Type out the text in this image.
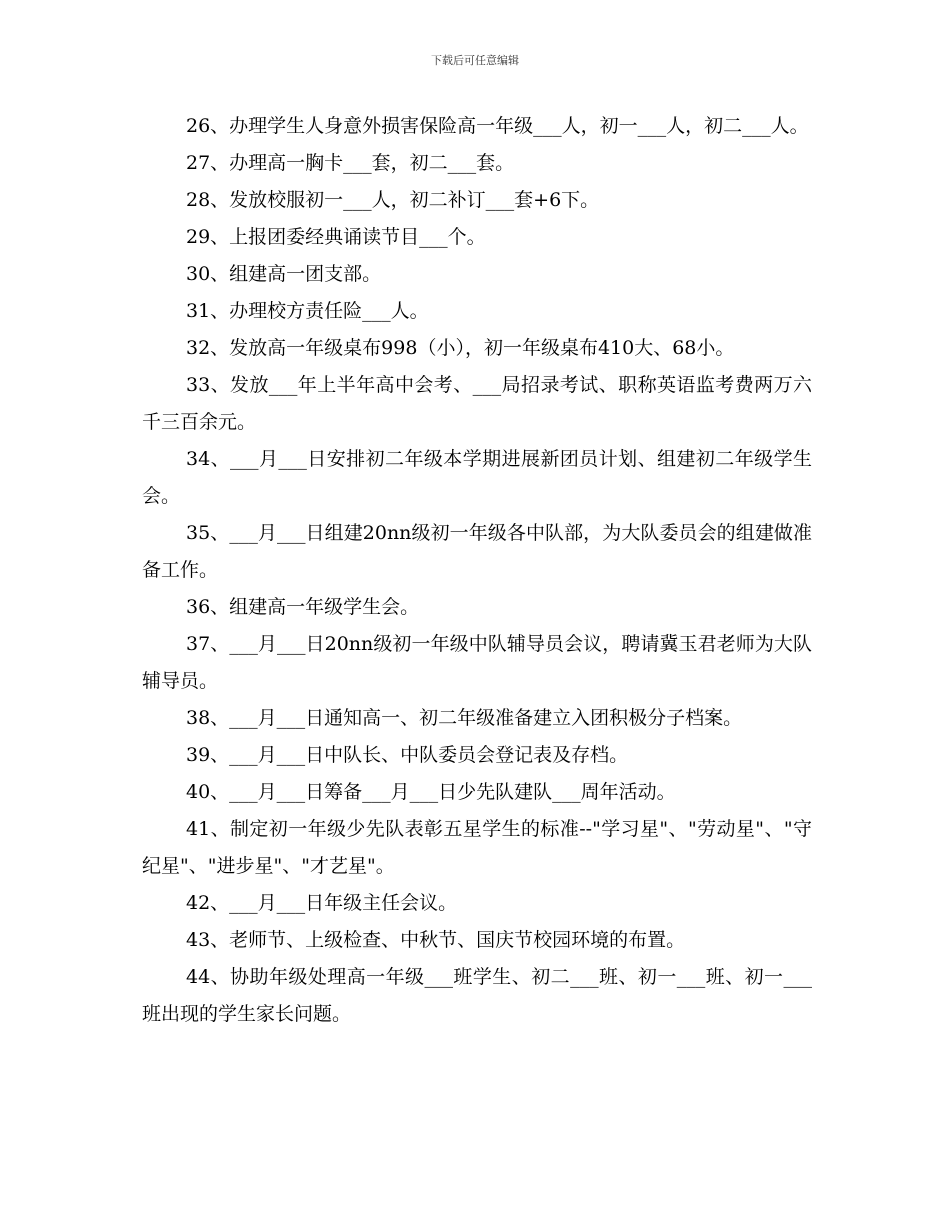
下载后可任意编辑

26、办理学生人身意外损害保险高一年级___人，初一___人，初二___人。

27、办理高一胸卡___套，初二___套。

28、发放校服初一___人，初二补订___套+6下。

29、上报团委经典诵读节目___个。

30、组建高一团支部。

31、办理校方责任险___人。

32、发放高一年级桌布998（小），初一年级桌布410大、68小。

33、发放___年上半年高中会考、___局招录考试、职称英语监考费两万六千三百余元。

34、___月___日安排初二年级本学期进展新团员计划、组建初二年级学生会。

35、___月___日组建20nn级初一年级各中队部，为大队委员会的组建做准备工作。

36、组建高一年级学生会。

37、___月___日20nn级初一年级中队辅导员会议，聘请冀玉君老师为大队辅导员。

38、___月___日通知高一、初二年级准备建立入团积极分子档案。

39、___月___日中队长、中队委员会登记表及存档。

40、___月___日筹备___月___日少先队建队___周年活动。

41、制定初一年级少先队表彰五星学生的标准--"学习星"、"劳动星"、"守纪星"、"进步星"、"才艺星"。

42、___月___日年级主任会议。

43、老师节、上级检查、中秋节、国庆节校园环境的布置。

44、协助年级处理高一年级___班学生、初二___班、初一___班、初一___班出现的学生家长问题。
